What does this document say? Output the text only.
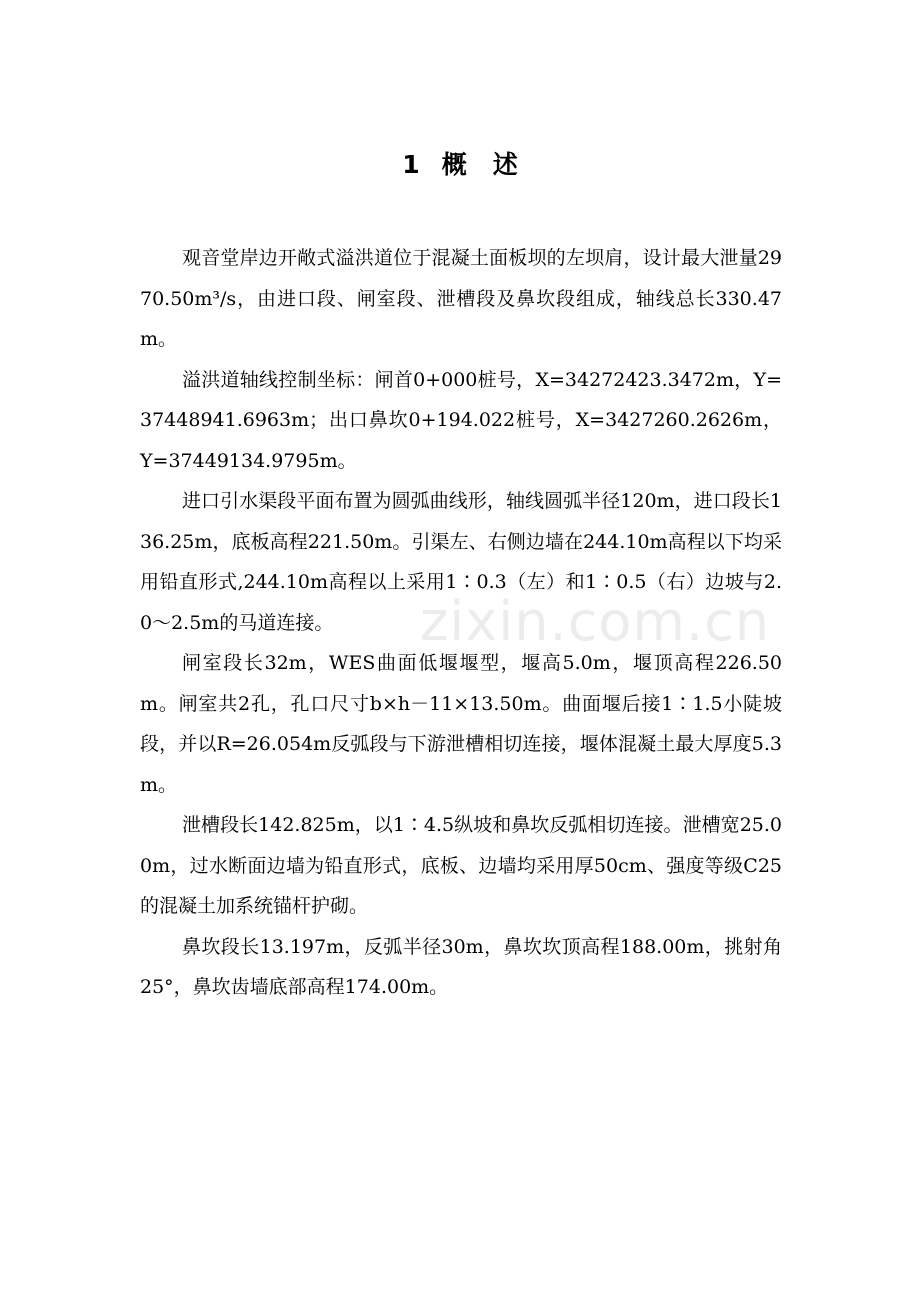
1 概 述

观音堂岸边开敞式溢洪道位于混凝土面板坝的左坝肩，设计最大泄量2970.50m³/s，由进口段、闸室段、泄槽段及鼻坎段组成，轴线总长330.47m。

溢洪道轴线控制坐标：闸首0+000桩号，X=34272423.3472m，Y=37448941.6963m；出口鼻坎0+194.022桩号，X=3427260.2626m，Y=37449134.9795m。

进口引水渠段平面布置为圆弧曲线形，轴线圆弧半径120m，进口段长136.25m，底板高程221.50m。引渠左、右侧边墙在244.10m高程以下均采用铅直形式,244.10m高程以上采用1∶0.3（左）和1∶0.5（右）边坡与2.0～2.5m的马道连接。

闸室段长32m，WES曲面低堰堰型，堰高5.0m，堰顶高程226.50m。闸室共2孔，孔口尺寸b×h－11×13.50m。曲面堰后接1∶1.5小陡坡段，并以R=26.054m反弧段与下游泄槽相切连接，堰体混凝土最大厚度5.3m。

泄槽段长142.825m，以1∶4.5纵坡和鼻坎反弧相切连接。泄槽宽25.00m，过水断面边墙为铅直形式，底板、边墙均采用厚50cm、强度等级C25的混凝土加系统锚杆护砌。

鼻坎段长13.197m，反弧半径30m，鼻坎坎顶高程188.00m，挑射角25°，鼻坎齿墙底部高程174.00m。

zixin.com.cn
